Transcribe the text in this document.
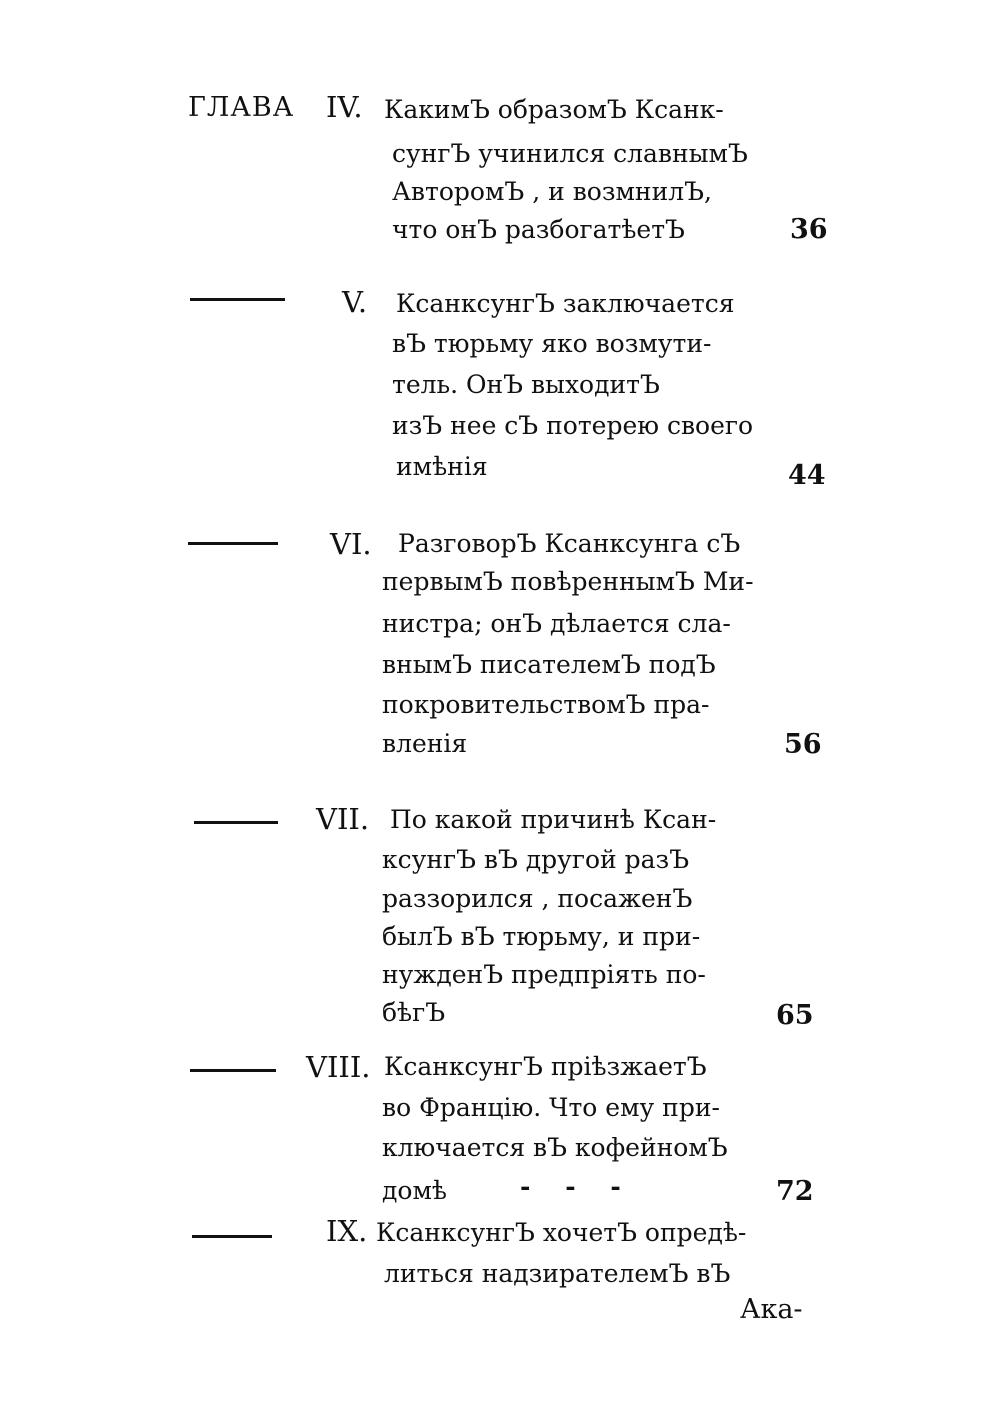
ГЛАВА IV. КакимЪ образомЪ Ксанк-
сунгЪ учинился славнымЪ
АвторомЪ , и возмнилЪ,
что онЪ разбогатѣетЪ	36
V. КсанксунгЪ заключается
вЪ тюрьму яко возмути-
тель. ОнЪ выходитЪ
изЪ нее сЪ потерею своего
имѣнія	44
VI. РазговорЪ Ксанксунга сЪ
первымЪ повѣреннымЪ Ми-
нистра; онЪ дѣлается сла-
внымЪ писателемЪ подЪ
покровительствомЪ пра-
вленія	56
VII. По какой причинѣ Ксан-
ксунгЪ вЪ другой разЪ
раззорился , посаженЪ
былЪ вЪ тюрьму, и при-
нужденЪ предпріять по-
бѣгЪ	65
VIII. КсанксунгЪ пріѣзжаетЪ
во Францію. Что ему при-
ключается вЪ кофейномЪ
домѣ	-    -    -	72
IX. КсанксунгЪ хочетЪ опредѣ-
литься надзирателемЪ вЪ
Ака-
